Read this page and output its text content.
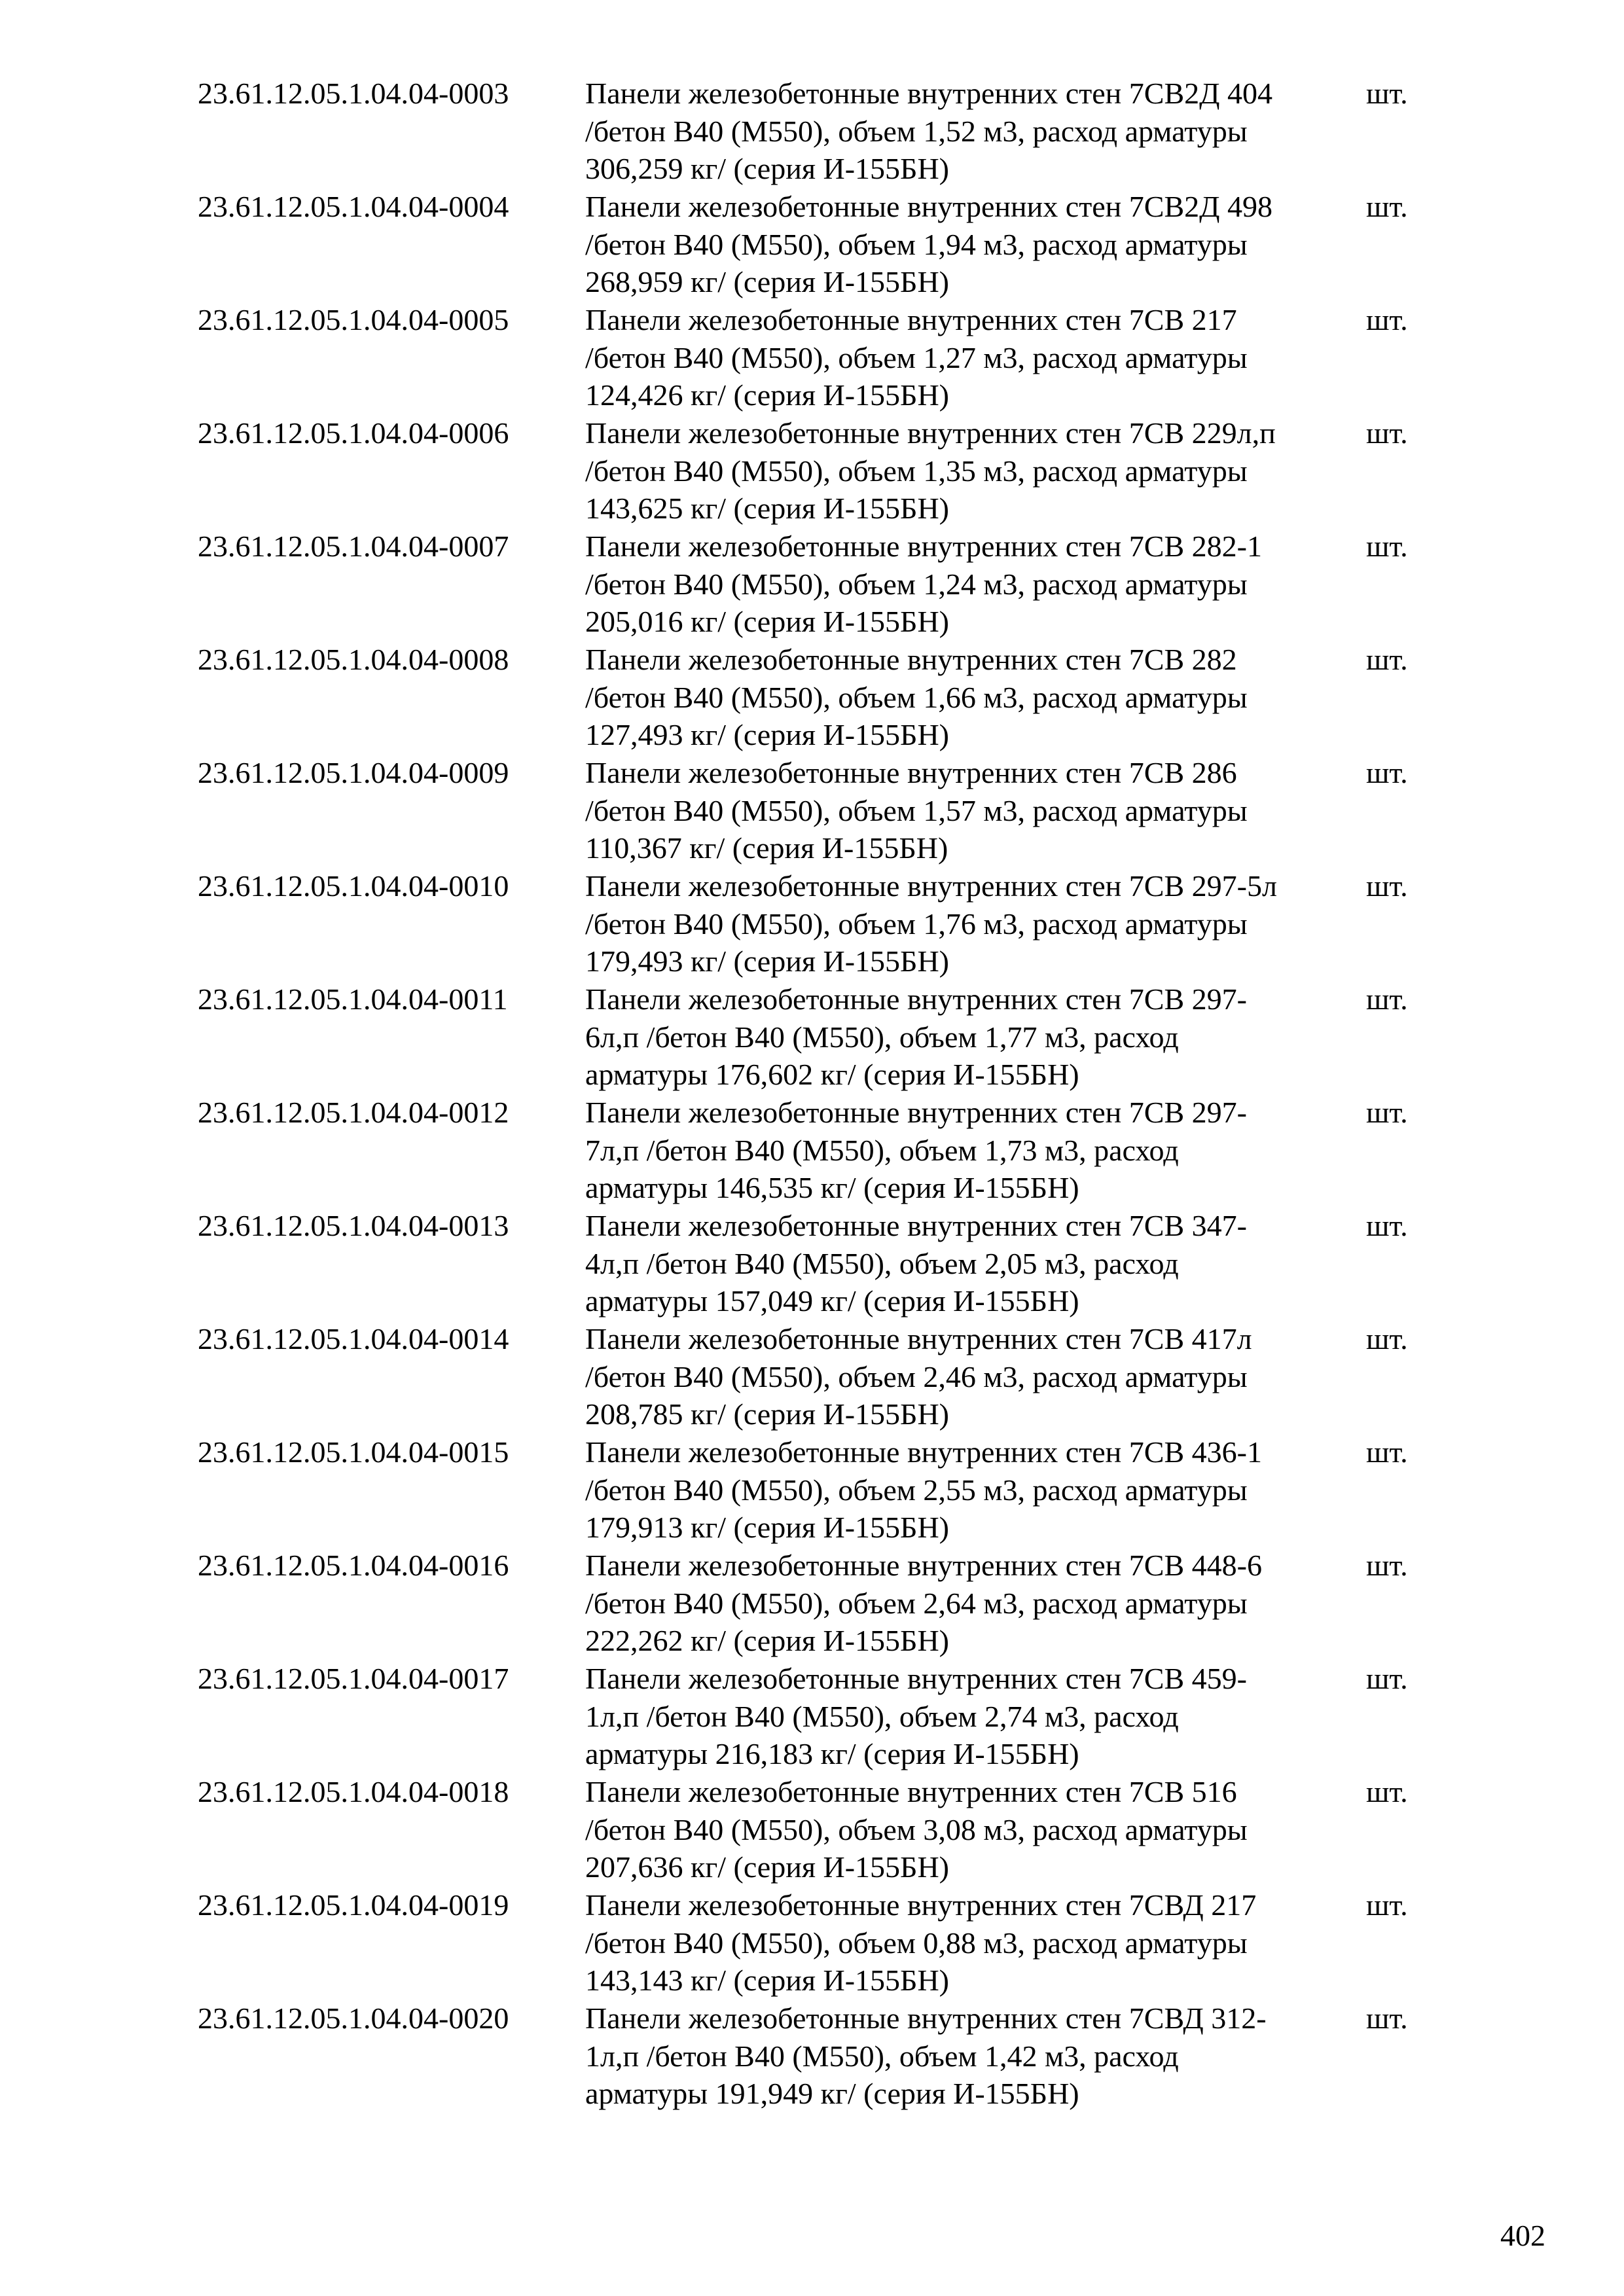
23.61.12.05.1.04.04-0003	Панели железобетонные внутренних стен 7СВ2Д 404
/бетон В40 (М550), объем 1,52 м3, расход арматуры
306,259 кг/ (серия И-155БН)
шт.
23.61.12.05.1.04.04-0004	Панели железобетонные внутренних стен 7СВ2Д 498
/бетон В40 (М550), объем 1,94 м3, расход арматуры
268,959 кг/ (серия И-155БН)
шт.
23.61.12.05.1.04.04-0005	Панели железобетонные внутренних стен 7СВ 217
/бетон В40 (М550), объем 1,27 м3, расход арматуры
124,426 кг/ (серия И-155БН)
шт.
23.61.12.05.1.04.04-0006	Панели железобетонные внутренних стен 7СВ 229л,п
/бетон В40 (М550), объем 1,35 м3, расход арматуры
143,625 кг/ (серия И-155БН)
шт.
23.61.12.05.1.04.04-0007	Панели железобетонные внутренних стен 7СВ 282-1
/бетон В40 (М550), объем 1,24 м3, расход арматуры
205,016 кг/ (серия И-155БН)
шт.
23.61.12.05.1.04.04-0008	Панели железобетонные внутренних стен 7СВ 282
/бетон В40 (М550), объем 1,66 м3, расход арматуры
127,493 кг/ (серия И-155БН)
шт.
23.61.12.05.1.04.04-0009	Панели железобетонные внутренних стен 7СВ 286
/бетон В40 (М550), объем 1,57 м3, расход арматуры
110,367 кг/ (серия И-155БН)
шт.
23.61.12.05.1.04.04-0010	Панели железобетонные внутренних стен 7СВ 297-5л
/бетон В40 (М550), объем 1,76 м3, расход арматуры
179,493 кг/ (серия И-155БН)
шт.
23.61.12.05.1.04.04-0011	Панели железобетонные внутренних стен 7СВ 297-
6л,п /бетон В40 (М550), объем 1,77 м3, расход
арматуры 176,602 кг/ (серия И-155БН)
шт.
23.61.12.05.1.04.04-0012	Панели железобетонные внутренних стен 7СВ 297-
7л,п /бетон В40 (М550), объем 1,73 м3, расход
арматуры 146,535 кг/ (серия И-155БН)
шт.
23.61.12.05.1.04.04-0013	Панели железобетонные внутренних стен 7СВ 347-
4л,п /бетон В40 (М550), объем 2,05 м3, расход
арматуры 157,049 кг/ (серия И-155БН)
шт.
23.61.12.05.1.04.04-0014	Панели железобетонные внутренних стен 7СВ 417л
/бетон В40 (М550), объем 2,46 м3, расход арматуры
208,785 кг/ (серия И-155БН)
шт.
23.61.12.05.1.04.04-0015	Панели железобетонные внутренних стен 7СВ 436-1
/бетон В40 (М550), объем 2,55 м3, расход арматуры
179,913 кг/ (серия И-155БН)
шт.
23.61.12.05.1.04.04-0016	Панели железобетонные внутренних стен 7СВ 448-6
/бетон В40 (М550), объем 2,64 м3, расход арматуры
222,262 кг/ (серия И-155БН)
шт.
23.61.12.05.1.04.04-0017	Панели железобетонные внутренних стен 7СВ 459-
1л,п /бетон В40 (М550), объем 2,74 м3, расход
арматуры 216,183 кг/ (серия И-155БН)
шт.
23.61.12.05.1.04.04-0018	Панели железобетонные внутренних стен 7СВ 516
/бетон В40 (М550), объем 3,08 м3, расход арматуры
207,636 кг/ (серия И-155БН)
шт.
23.61.12.05.1.04.04-0019	Панели железобетонные внутренних стен 7СВД 217
/бетон В40 (М550), объем 0,88 м3, расход арматуры
143,143 кг/ (серия И-155БН)
шт.
23.61.12.05.1.04.04-0020	Панели железобетонные внутренних стен 7СВД 312-
1л,п /бетон В40 (М550), объем 1,42 м3, расход
арматуры 191,949 кг/ (серия И-155БН)
шт.
402
